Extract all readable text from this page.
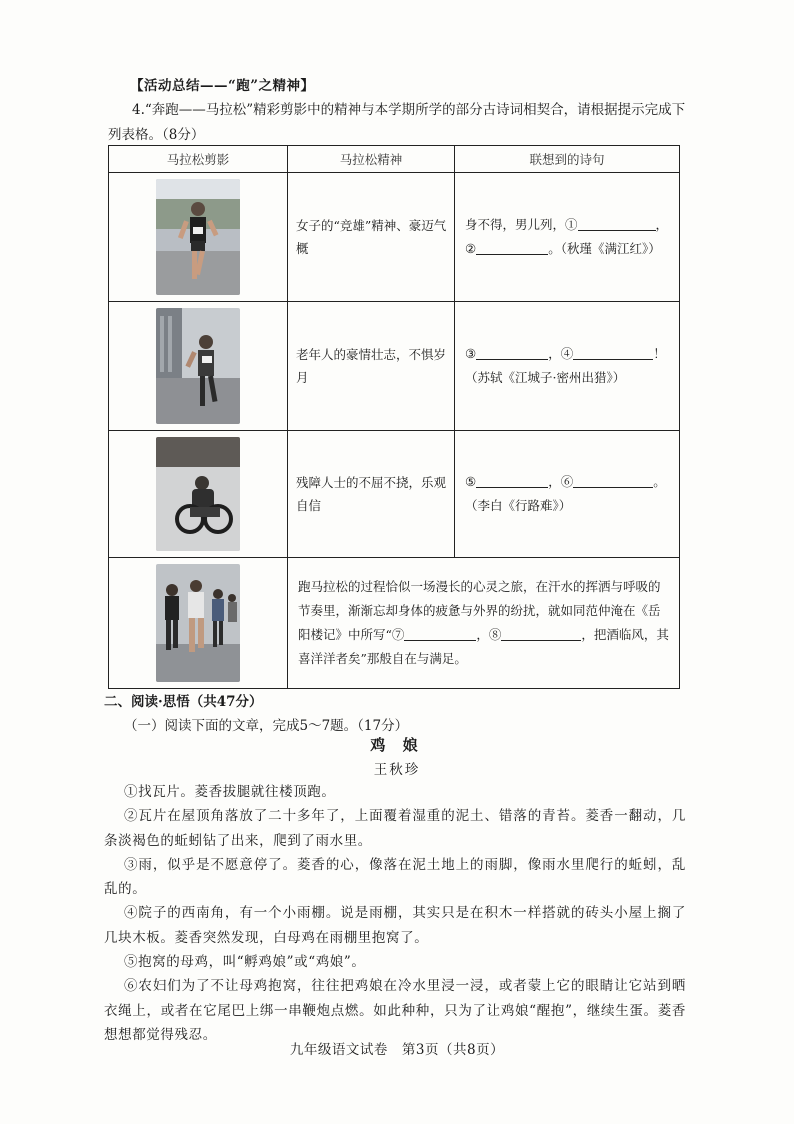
【活动总结——“跑”之精神】
4.“奔跑——马拉松”精彩剪影中的精神与本学期所学的部分古诗词相契合，请根据提示完成下列表格。（8分）
马拉松剪影	马拉松精神	联想到的诗句

	女子的“竞雄”精神、豪迈气概	身不得，男儿列，① ，
② 。（秋瑾《满江红》）

	老年人的豪情壮志，不惧岁月	③ ，④ ！
（苏轼《江城子·密州出猎》）

	残障人士的不屈不挠，乐观自信	⑤ ，⑥ 。
（李白《行路难》）

	跑马拉松的过程恰似一场漫长的心灵之旅，在汗水的挥洒与呼吸的节奏里，渐渐忘却身体的疲惫与外界的纷扰，就如同范仲淹在《岳阳楼记》中所写“⑦ ，⑧ ，把酒临风，其喜洋洋者矣”那般自在与满足。	
二、阅读·思悟（共47分）
（一）阅读下面的文章，完成5～7题。（17分）
鸡 娘
王秋珍

①找瓦片。菱香拔腿就往楼顶跑。

②瓦片在屋顶角落放了二十多年了，上面覆着湿重的泥土、错落的青苔。菱香一翻动，几条淡褐色的蚯蚓钻了出来，爬到了雨水里。

③雨，似乎是不愿意停了。菱香的心，像落在泥土地上的雨脚，像雨水里爬行的蚯蚓，乱乱的。

④院子的西南角，有一个小雨棚。说是雨棚，其实只是在积木一样搭就的砖头小屋上搁了几块木板。菱香突然发现，白母鸡在雨棚里抱窝了。

⑤抱窝的母鸡，叫“孵鸡娘”或“鸡娘”。

⑥农妇们为了不让母鸡抱窝，往往把鸡娘在冷水里浸一浸，或者蒙上它的眼睛让它站到晒衣绳上，或者在它尾巴上绑一串鞭炮点燃。如此种种，只为了让鸡娘“醒抱”，继续生蛋。菱香想想都觉得残忍。

九年级语文试卷　第3页（共8页）
